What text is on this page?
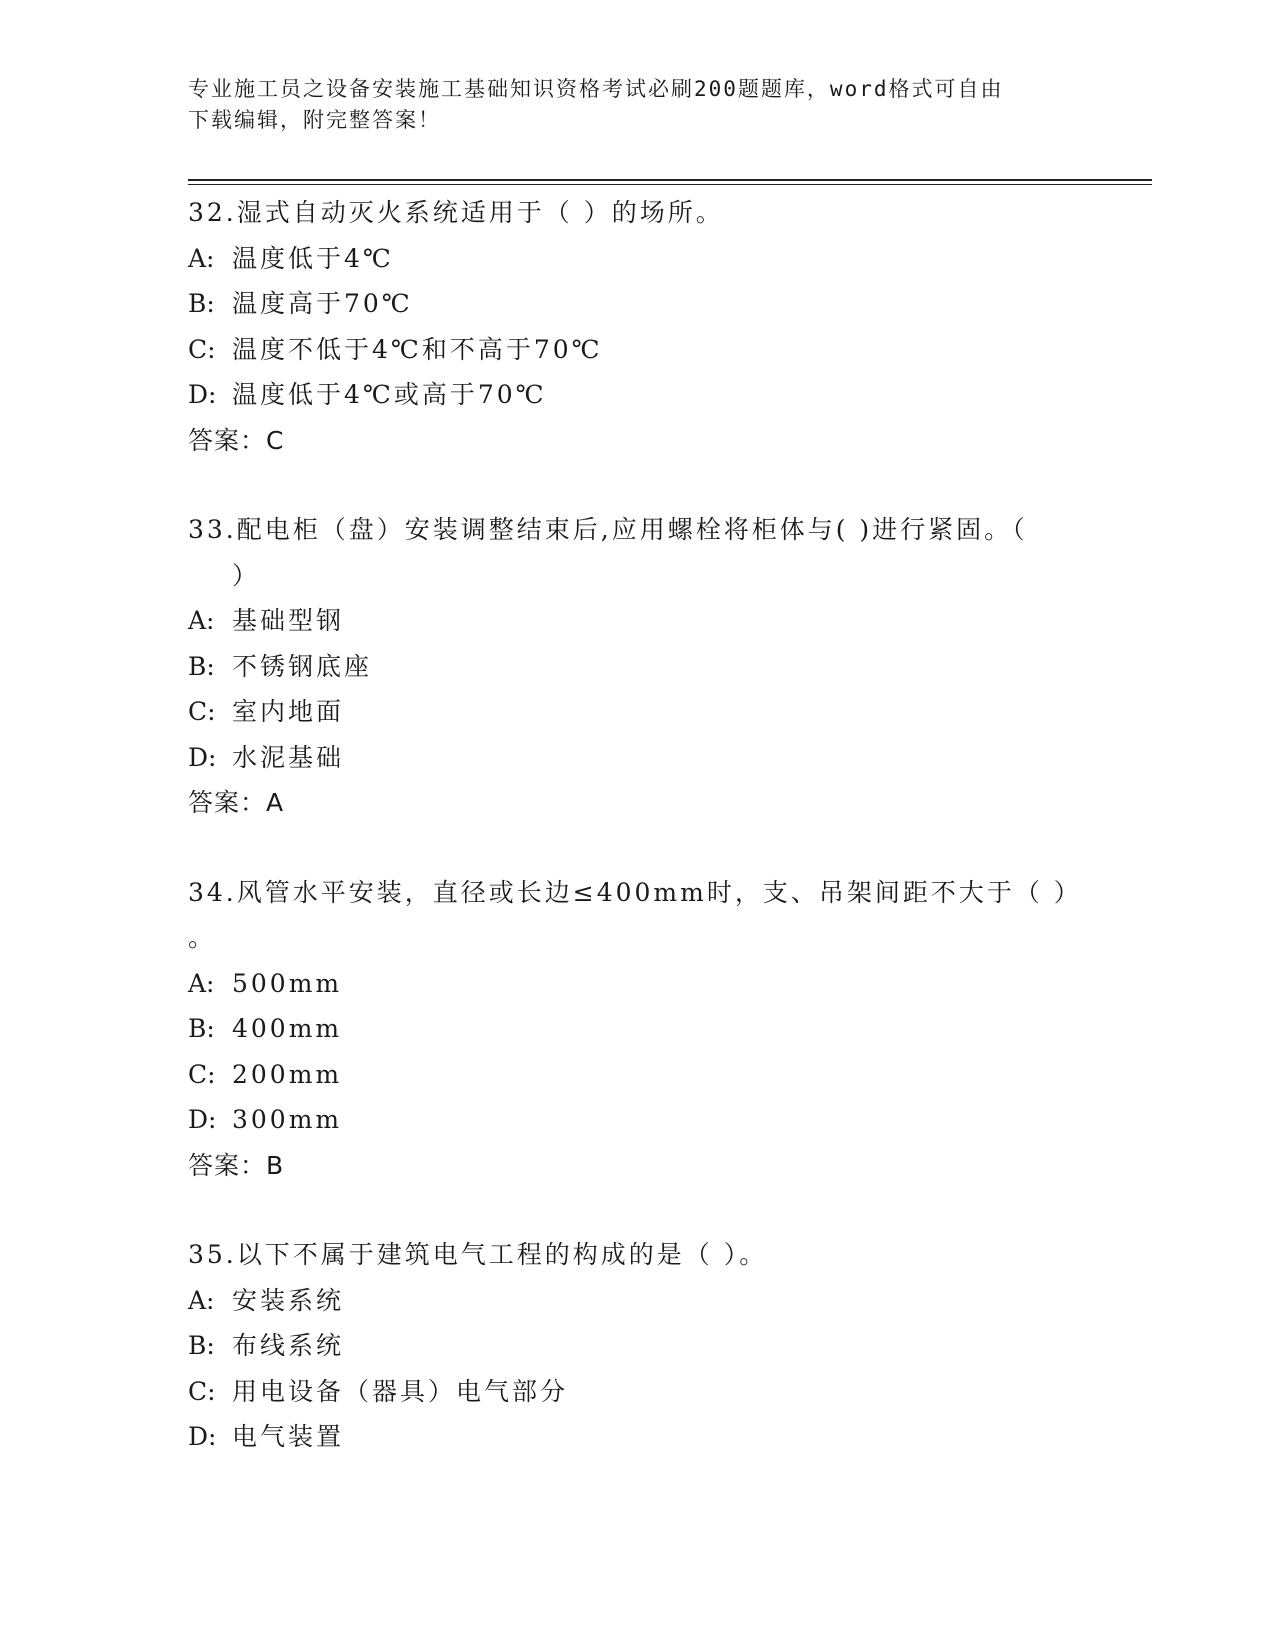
专业施工员之设备安装施工基础知识资格考试必刷200题题库，word格式可自由
下载编辑，附完整答案！
32.湿式自动灭火系统适用于（ ）的场所。
A: 温度低于4℃
B: 温度高于70℃
C: 温度不低于4℃和不高于70℃
D: 温度低于4℃或高于70℃
答案：C
33.配电柜（盘）安装调整结束后,应用螺栓将柜体与( )进行紧固。（
）
A: 基础型钢
B: 不锈钢底座
C: 室内地面
D: 水泥基础
答案：A
34.风管水平安装，直径或长边≤400mm时，支、吊架间距不大于（ ）
。
A: 500mm
B: 400mm
C: 200mm
D: 300mm
答案：B
35.以下不属于建筑电气工程的构成的是（ ）。
A: 安装系统
B: 布线系统
C: 用电设备（器具）电气部分
D: 电气装置
